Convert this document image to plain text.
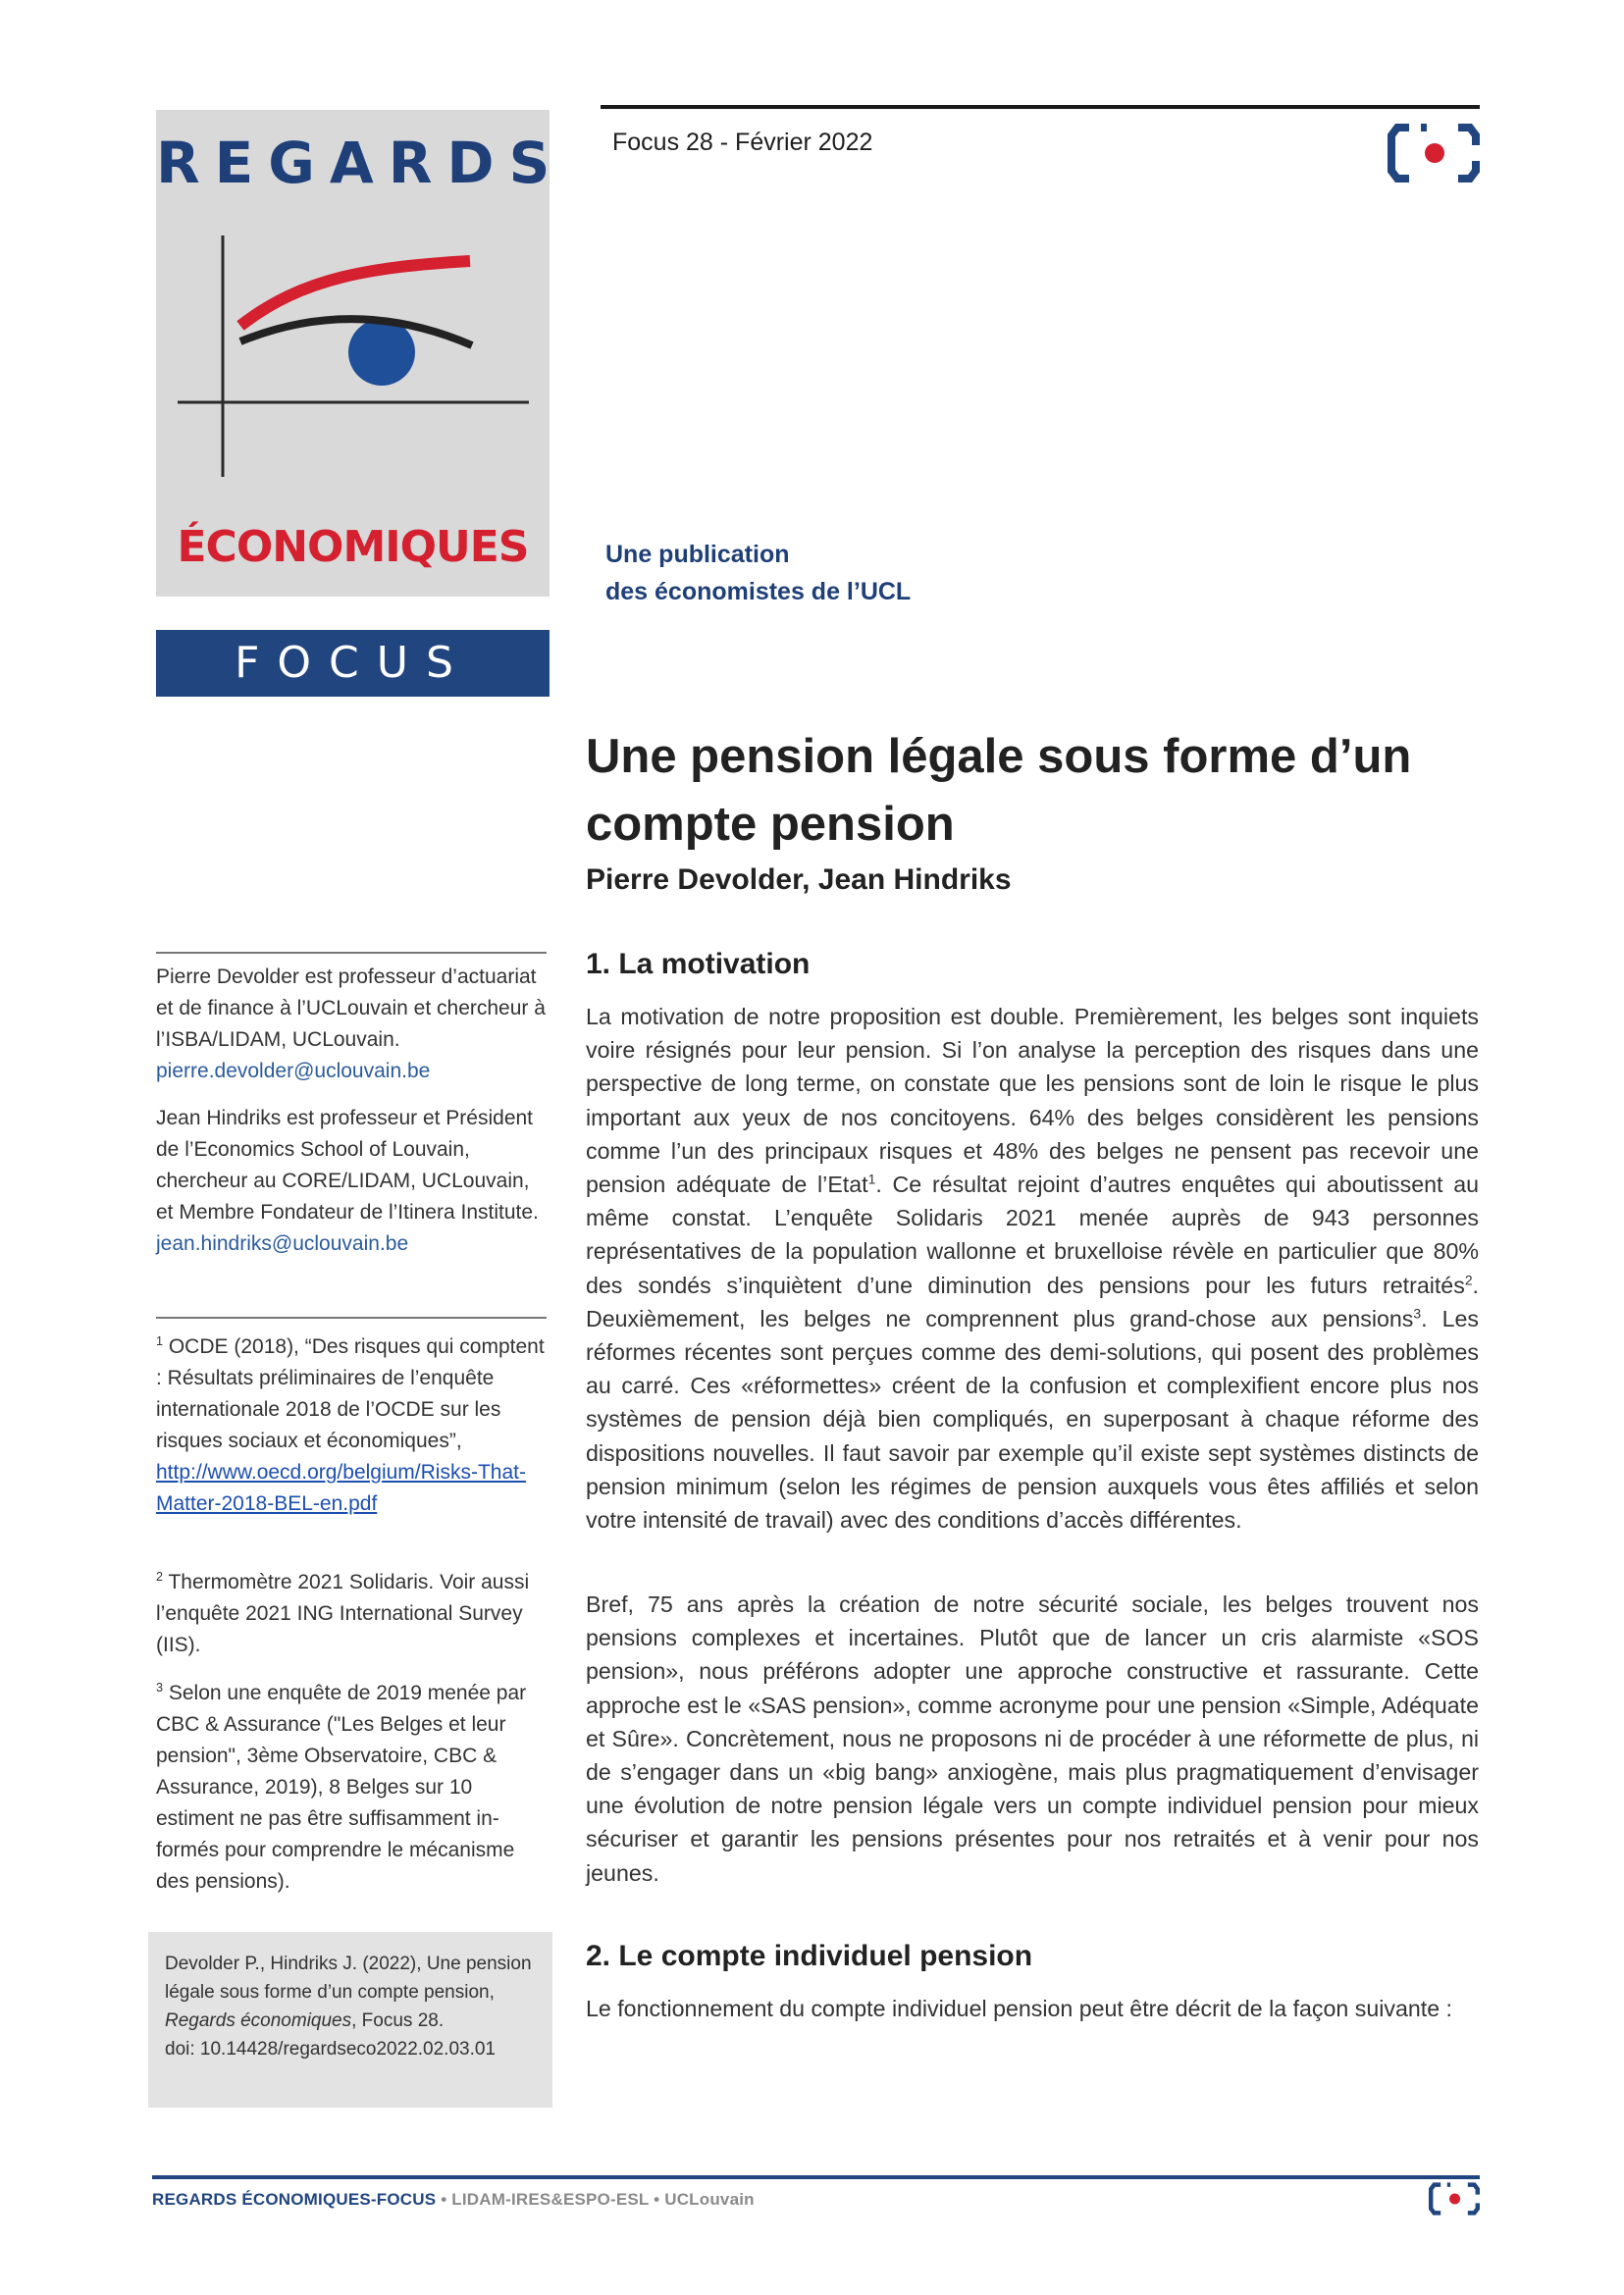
REGARDS
ÉCONOMIQUES
FOCUS
Focus 28 - Février 2022
Une publication
des économistes de l’UCL
Une pension légale sous forme d’un compte pension
Pierre Devolder, Jean Hindriks

Pierre Devolder est professeur d’actuariat et de finance à l’UCLouvain et chercheur à l’ISBA/LIDAM, UCLouvain.
pierre.devolder@uclouvain.be

Jean Hindriks est professeur et Président de l’Economics School of Louvain, chercheur au CORE/LIDAM, UCLouvain, et Membre Fondateur de l’Itinera Institute.
jean.hindriks@uclouvain.be

$^1$ OCDE (2018), “Des risques qui comptent : Résultats préliminaires de l’enquête internationale 2018 de l’OCDE sur les risques sociaux et économiques”, http://www.oecd.org/belgium/Risks-That-Matter-2018-BEL-en.pdf

$^2$ Thermomètre 2021 Solidaris. Voir aussi l’enquête 2021 ING International Survey (IIS).

$^3$ Selon une enquête de 2019 menée par CBC & Assurance ("Les Belges et leur pension", 3ème Observatoire, CBC & Assurance, 2019), 8 Belges sur 10 estiment ne pas être suffisamment informés pour comprendre le mécanisme des pensions).

Devolder P., Hindriks J. (2022), Une pension légale sous forme d’un compte pension, Regards économiques, Focus 28.
doi: 10.14428/regardseco2022.02.03.01
1. La motivation

La motivation de notre proposition est double. Premièrement, les belges sont inquiets voire résignés pour leur pension. Si l’on analyse la perception des risques dans une perspective de long terme, on constate que les pensions sont de loin le risque le plus important aux yeux de nos concitoyens. 64% des belges considèrent les pensions comme l’un des principaux risques et 48% des belges ne pensent pas recevoir une pension adéquate de l’Etat$^1$. Ce résultat rejoint d’autres enquêtes qui aboutissent au même constat. L’enquête Solidaris 2021 menée auprès de 943 personnes représentatives de la population wallonne et bruxelloise révèle en particulier que 80% des sondés s’inquiètent d’une diminution des pensions pour les futurs retraités$^2$. Deuxièmement, les belges ne comprennent plus grand-chose aux pensions$^3$. Les réformes récentes sont perçues comme des demi-solutions, qui posent des problèmes au carré. Ces «réformettes» créent de la confusion et complexifient encore plus nos systèmes de pension déjà bien compliqués, en superposant à chaque réforme des dispositions nouvelles. Il faut savoir par exemple qu’il existe sept systèmes distincts de pension minimum (selon les régimes de pension auxquels vous êtes affiliés et selon votre intensité de travail) avec des conditions d’accès différentes.

Bref, 75 ans après la création de notre sécurité sociale, les belges trouvent nos pensions complexes et incertaines. Plutôt que de lancer un cris alarmiste «SOS pension», nous préférons adopter une approche constructive et rassurante. Cette approche est le «SAS pension», comme acronyme pour une pension «Simple, Adéquate et Sûre». Concrètement, nous ne proposons ni de procéder à une réformette de plus, ni de s’engager dans un «big bang» anxiogène, mais plus pragmatiquement d’envisager une évolution de notre pension légale vers un compte individuel pension pour mieux sécuriser et garantir les pensions présentes pour nos retraités et à venir pour nos jeunes.

2. Le compte individuel pension

Le fonctionnement du compte individuel pension peut être décrit de la façon suivante :

REGARDS ÉCONOMIQUES-FOCUS • LIDAM-IRES&ESPO-ESL • UCLouvain
